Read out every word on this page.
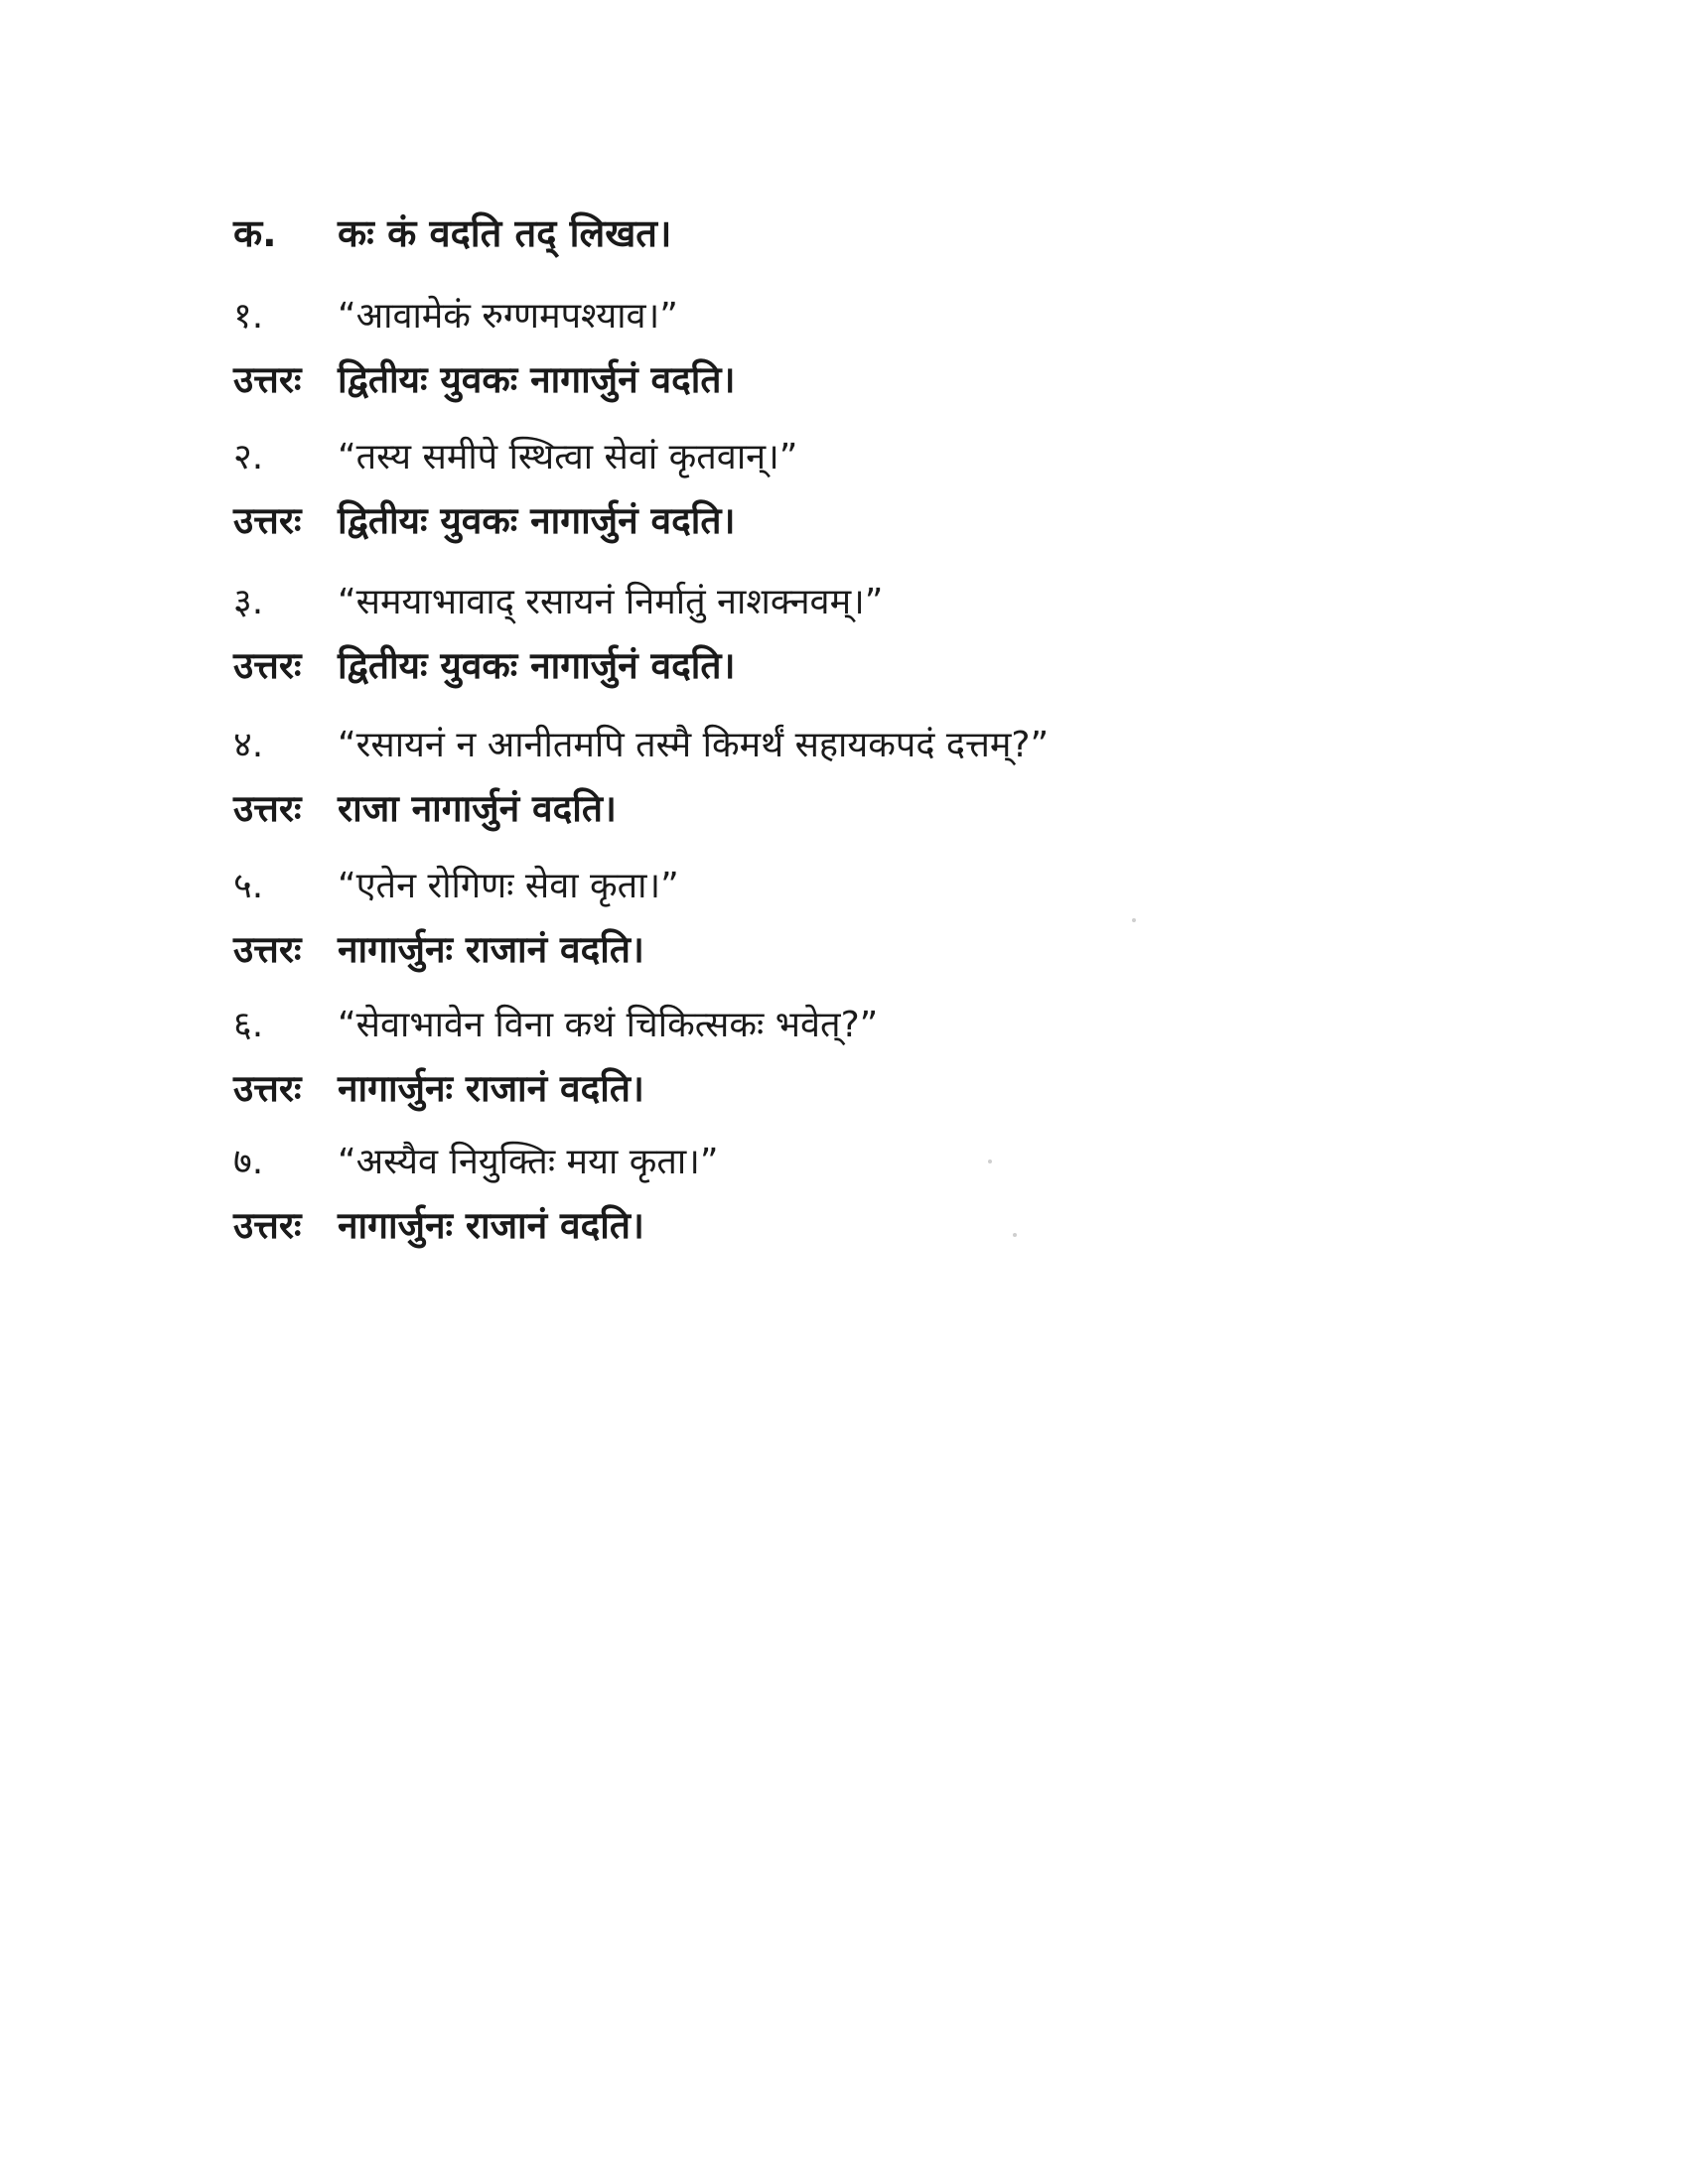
क. कः कं वदति तद् लिखत।
१. “आवामेकं रुग्णमपश्याव।”
उत्तरः द्वितीयः युवकः नागार्जुनं वदति।
२. “तस्य समीपे स्थित्वा सेवां कृतवान्।”
उत्तरः द्वितीयः युवकः नागार्जुनं वदति।
३. “समयाभावाद् रसायनं निर्मातुं नाशक्नवम्।”
उत्तरः द्वितीयः युवकः नागार्जुनं वदति।
४. “रसायनं न आनीतमपि तस्मै किमर्थं सहायकपदं दत्तम्?”
उत्तरः राजा नागार्जुनं वदति।
५. “एतेन रोगिणः सेवा कृता।”
उत्तरः नागार्जुनः राजानं वदति।
६. “सेवाभावेन विना कथं चिकित्सकः भवेत्?”
उत्तरः नागार्जुनः राजानं वदति।
७. “अस्यैव नियुक्तिः मया कृता।”
उत्तरः नागार्जुनः राजानं वदति।
